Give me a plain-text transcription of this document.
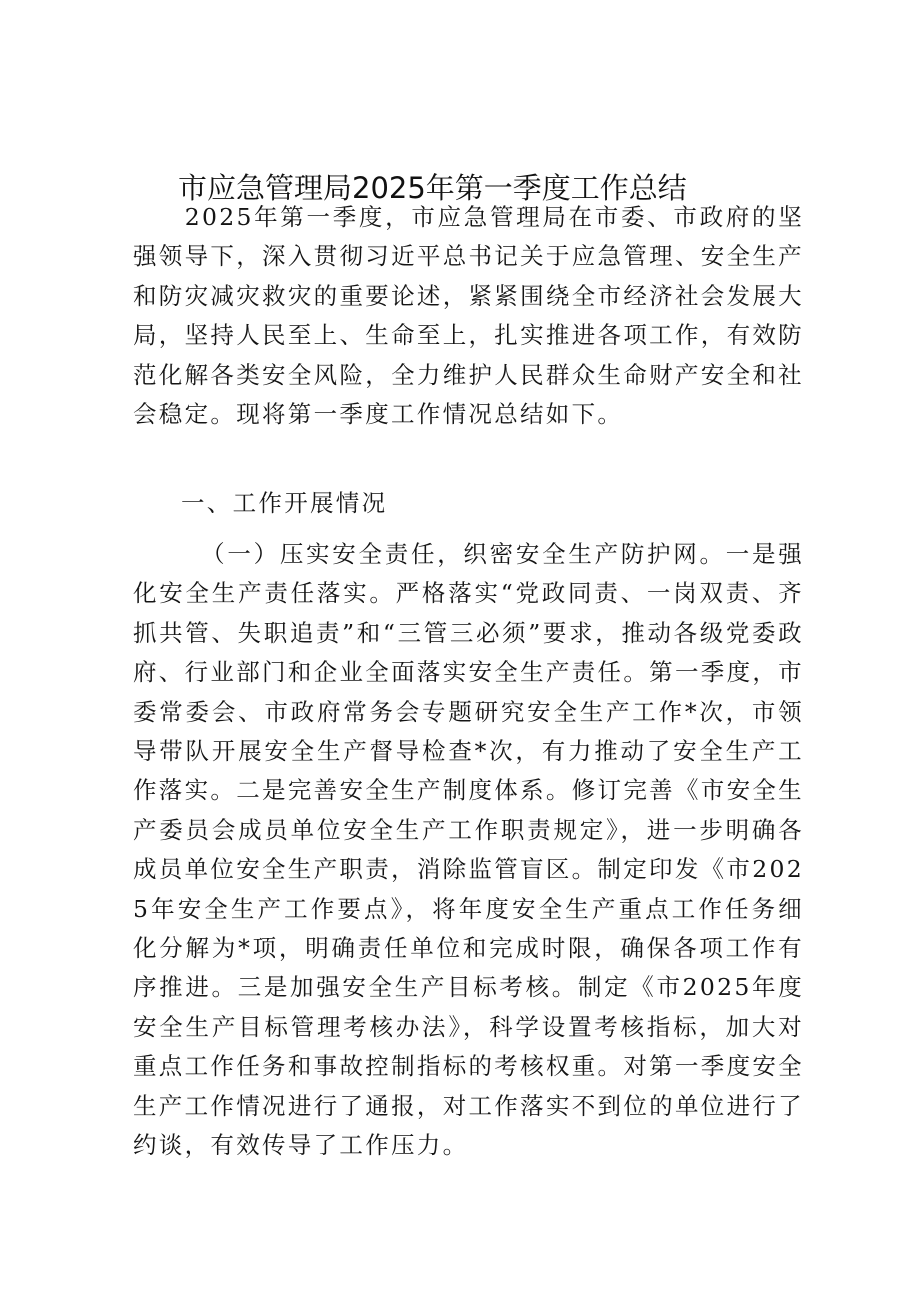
市应急管理局2025年第一季度工作总结

2025年第一季度，市应急管理局在市委、市政府的坚强领导下，深入贯彻习近平总书记关于应急管理、安全生产和防灾减灾救灾的重要论述，紧紧围绕全市经济社会发展大局，坚持人民至上、生命至上，扎实推进各项工作，有效防范化解各类安全风险，全力维护人民群众生命财产安全和社会稳定。现将第一季度工作情况总结如下。

一、工作开展情况

（一）压实安全责任，织密安全生产防护网。一是强化安全生产责任落实。严格落实“党政同责、一岗双责、齐抓共管、失职追责”和“三管三必须”要求，推动各级党委政府、行业部门和企业全面落实安全生产责任。第一季度，市委常委会、市政府常务会专题研究安全生产工作*次，市领导带队开展安全生产督导检查*次，有力推动了安全生产工作落实。二是完善安全生产制度体系。修订完善《市安全生产委员会成员单位安全生产工作职责规定》，进一步明确各成员单位安全生产职责，消除监管盲区。制定印发《市2025年安全生产工作要点》，将年度安全生产重点工作任务细化分解为*项，明确责任单位和完成时限，确保各项工作有序推进。三是加强安全生产目标考核。制定《市2025年度安全生产目标管理考核办法》，科学设置考核指标，加大对重点工作任务和事故控制指标的考核权重。对第一季度安全生产工作情况进行了通报，对工作落实不到位的单位进行了约谈，有效传导了工作压力。
